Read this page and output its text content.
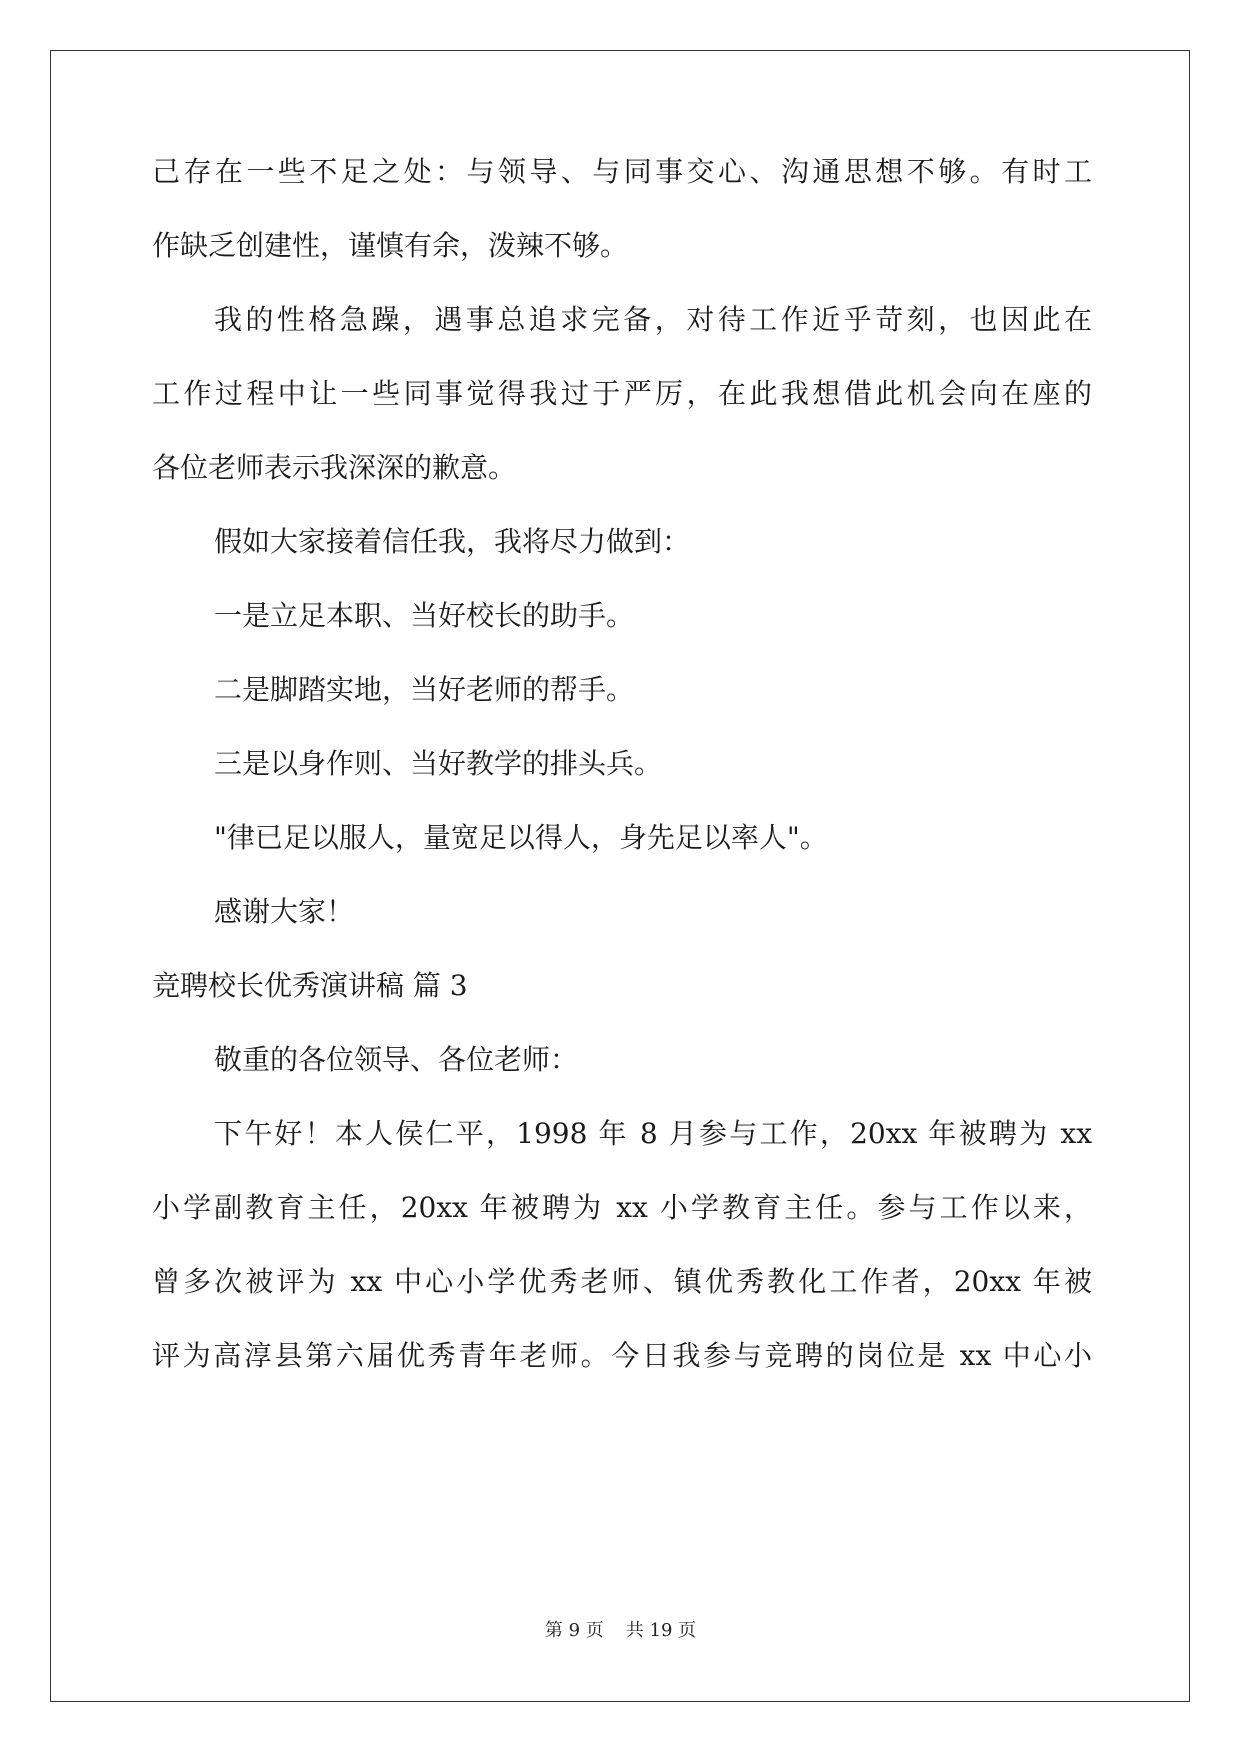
己存在一些不足之处：与领导、与同事交心、沟通思想不够。有时工
作缺乏创建性，谨慎有余，泼辣不够。
我的性格急躁，遇事总追求完备，对待工作近乎苛刻，也因此在
工作过程中让一些同事觉得我过于严厉，在此我想借此机会向在座的
各位老师表示我深深的歉意。
假如大家接着信任我，我将尽力做到：
一是立足本职、当好校长的助手。
二是脚踏实地，当好老师的帮手。
三是以身作则、当好教学的排头兵。
"律已足以服人，量宽足以得人，身先足以率人"。
感谢大家！
竞聘校长优秀演讲稿 篇 3
敬重的各位领导、各位老师：
下午好！本人侯仁平，1998 年 8 月参与工作，20xx 年被聘为 xx
小学副教育主任，20xx 年被聘为 xx 小学教育主任。参与工作以来，
曾多次被评为 xx 中心小学优秀老师、镇优秀教化工作者，20xx 年被
评为高淳县第六届优秀青年老师。今日我参与竞聘的岗位是 xx 中心小
第 9 页 共 19 页
